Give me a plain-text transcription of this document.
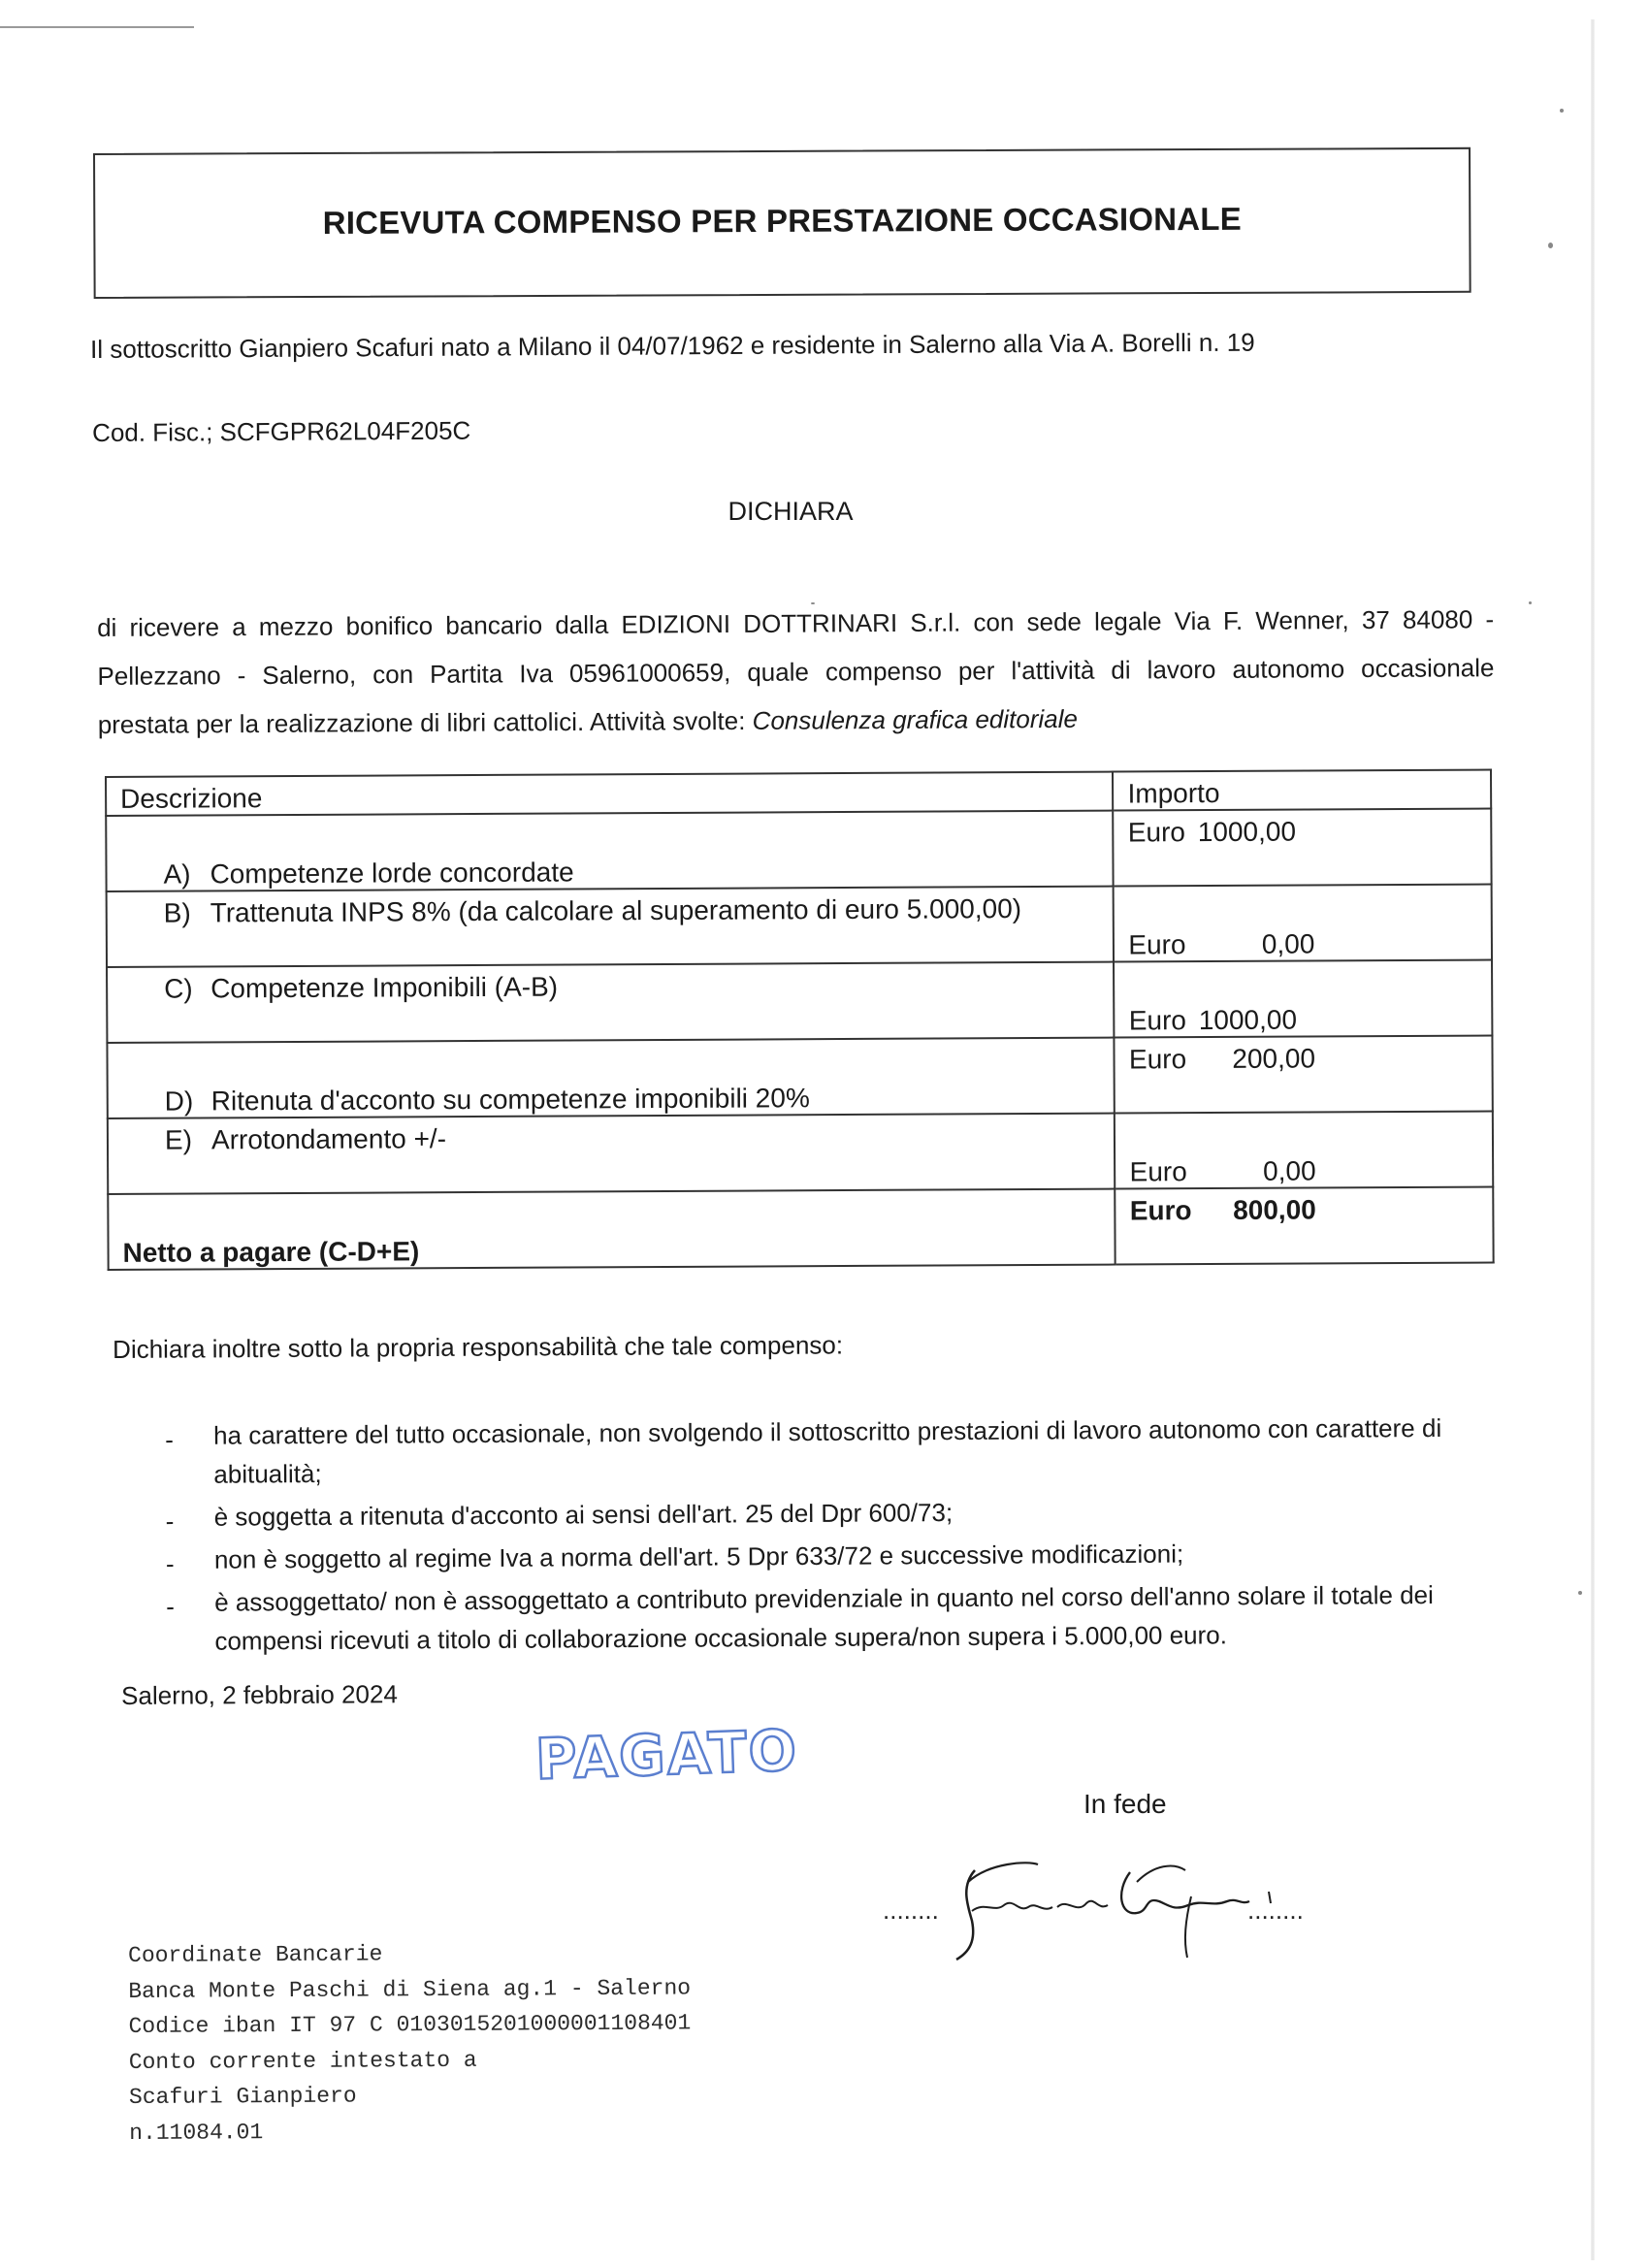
RICEVUTA COMPENSO PER PRESTAZIONE OCCASIONALE
Il sottoscritto Gianpiero Scafuri nato a Milano il 04/07/1962 e residente in Salerno alla Via A. Borelli n. 19
Cod. Fisc.; SCFGPR62L04F205C
DICHIARA
di ricevere a mezzo bonifico bancario dalla EDIZIONI DOTTRINARI S.r.l. con sede legale Via F. Wenner, 37 84080 -
Pellezzano - Salerno, con Partita Iva 05961000659, quale compenso per l'attività di lavoro autonomo occasionale
prestata per la realizzazione di libri cattolici. Attività svolte: Consulenza grafica editoriale
Descrizione	Importo
A) Competenze lorde concordate	Euro 1000,00
B) Trattenuta INPS 8% (da calcolare al superamento di euro 5.000,00)	Euro 0,00
C) Competenze Imponibili (A-B)	Euro 1000,00
D) Ritenuta d'acconto su competenze imponibili 20%	Euro 200,00
E) Arrotondamento +/-	Euro 0,00
Netto a pagare (C-D+E)	Euro 800,00
Dichiara inoltre sotto la propria responsabilità che tale compenso:
- ha carattere del tutto occasionale, non svolgendo il sottoscritto prestazioni di lavoro autonomo con carattere di abitualità;
- è soggetta a ritenuta d'acconto ai sensi dell'art. 25 del Dpr 600/73;
- non è soggetto al regime Iva a norma dell'art. 5 Dpr 633/72 e successive modificazioni;
- è assoggettato/ non è assoggettato a contributo previdenziale in quanto nel corso dell'anno solare il totale dei compensi ricevuti a titolo di collaborazione occasionale supera/non supera i 5.000,00 euro.
Salerno, 2 febbraio 2024
PAGATO
In fede
........	........
Coordinate Bancarie
Banca Monte Paschi di Siena ag.1 - Salerno
Codice iban IT 97 C 0103015201000001108401
Conto corrente intestato a
Scafuri Gianpiero
n.11084.01
